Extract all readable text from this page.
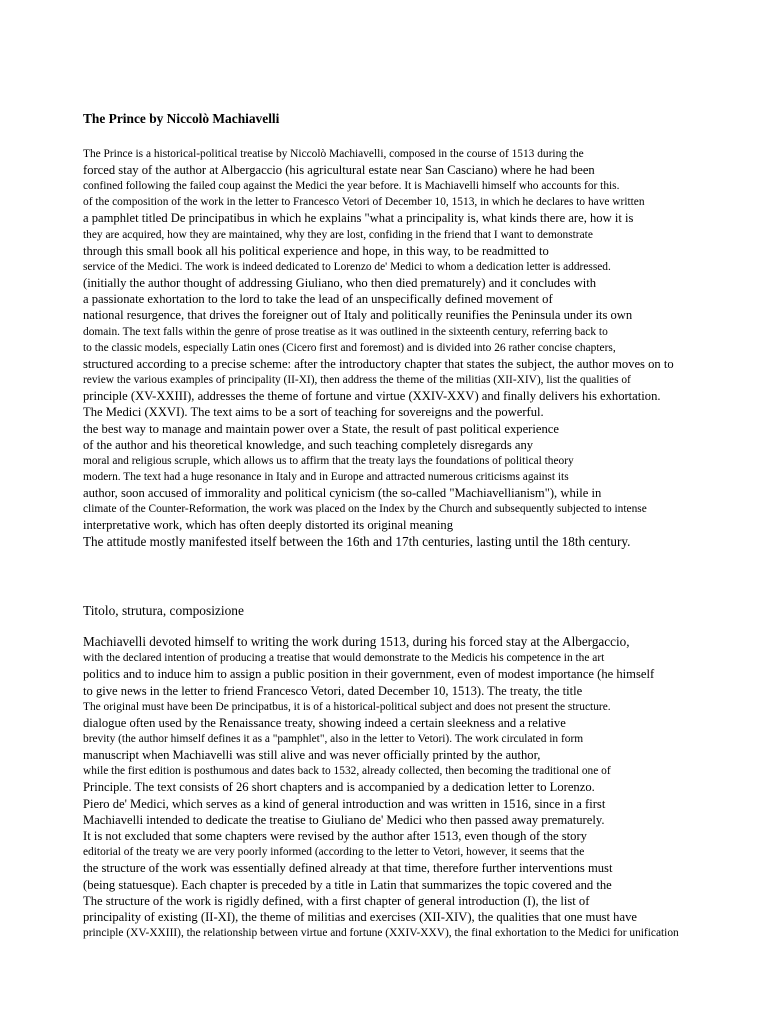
The Prince by Niccolò Machiavelli
The Prince is a historical-political treatise by Niccolò Machiavelli, composed in the course of 1513 during the
forced stay of the author at Albergaccio (his agricultural estate near San Casciano) where he had been
confined following the failed coup against the Medici the year before. It is Machiavelli himself who accounts for this.
of the composition of the work in the letter to Francesco Vetori of December 10, 1513, in which he declares to have written
a pamphlet titled De principatibus in which he explains "what a principality is, what kinds there are, how it is
they are acquired, how they are maintained, why they are lost, confiding in the friend that I want to demonstrate
through this small book all his political experience and hope, in this way, to be readmitted to
service of the Medici. The work is indeed dedicated to Lorenzo de' Medici to whom a dedication letter is addressed.
(initially the author thought of addressing Giuliano, who then died prematurely) and it concludes with
a passionate exhortation to the lord to take the lead of an unspecifically defined movement of
national resurgence, that drives the foreigner out of Italy and politically reunifies the Peninsula under its own
domain. The text falls within the genre of prose treatise as it was outlined in the sixteenth century, referring back to
to the classic models, especially Latin ones (Cicero first and foremost) and is divided into 26 rather concise chapters,
structured according to a precise scheme: after the introductory chapter that states the subject, the author moves on to
review the various examples of principality (II-XI), then address the theme of the militias (XII-XIV), list the qualities of
principle (XV-XXIII), addresses the theme of fortune and virtue (XXIV-XXV) and finally delivers his exhortation.
The Medici (XXVI). The text aims to be a sort of teaching for sovereigns and the powerful.
the best way to manage and maintain power over a State, the result of past political experience
of the author and his theoretical knowledge, and such teaching completely disregards any
moral and religious scruple, which allows us to affirm that the treaty lays the foundations of political theory
modern. The text had a huge resonance in Italy and in Europe and attracted numerous criticisms against its
author, soon accused of immorality and political cynicism (the so-called "Machiavellianism"), while in
climate of the Counter-Reformation, the work was placed on the Index by the Church and subsequently subjected to intense
interpretative work, which has often deeply distorted its original meaning
The attitude mostly manifested itself between the 16th and 17th centuries, lasting until the 18th century.
Titolo, strutura, composizione
Machiavelli devoted himself to writing the work during 1513, during his forced stay at the Albergaccio,
with the declared intention of producing a treatise that would demonstrate to the Medicis his competence in the art
politics and to induce him to assign a public position in their government, even of modest importance (he himself
to give news in the letter to friend Francesco Vetori, dated December 10, 1513). The treaty, the title
The original must have been De principatbus, it is of a historical-political subject and does not present the structure.
dialogue often used by the Renaissance treaty, showing indeed a certain sleekness and a relative
brevity (the author himself defines it as a "pamphlet", also in the letter to Vetori). The work circulated in form
manuscript when Machiavelli was still alive and was never officially printed by the author,
while the first edition is posthumous and dates back to 1532, already collected, then becoming the traditional one of
Principle. The text consists of 26 short chapters and is accompanied by a dedication letter to Lorenzo.
Piero de' Medici, which serves as a kind of general introduction and was written in 1516, since in a first
Machiavelli intended to dedicate the treatise to Giuliano de' Medici who then passed away prematurely.
It is not excluded that some chapters were revised by the author after 1513, even though of the story
editorial of the treaty we are very poorly informed (according to the letter to Vetori, however, it seems that the
the structure of the work was essentially defined already at that time, therefore further interventions must
(being statuesque). Each chapter is preceded by a title in Latin that summarizes the topic covered and the
The structure of the work is rigidly defined, with a first chapter of general introduction (I), the list of
principality of existing (II-XI), the theme of militias and exercises (XII-XIV), the qualities that one must have
principle (XV-XXIII), the relationship between virtue and fortune (XXIV-XXV), the final exhortation to the Medici for unification
